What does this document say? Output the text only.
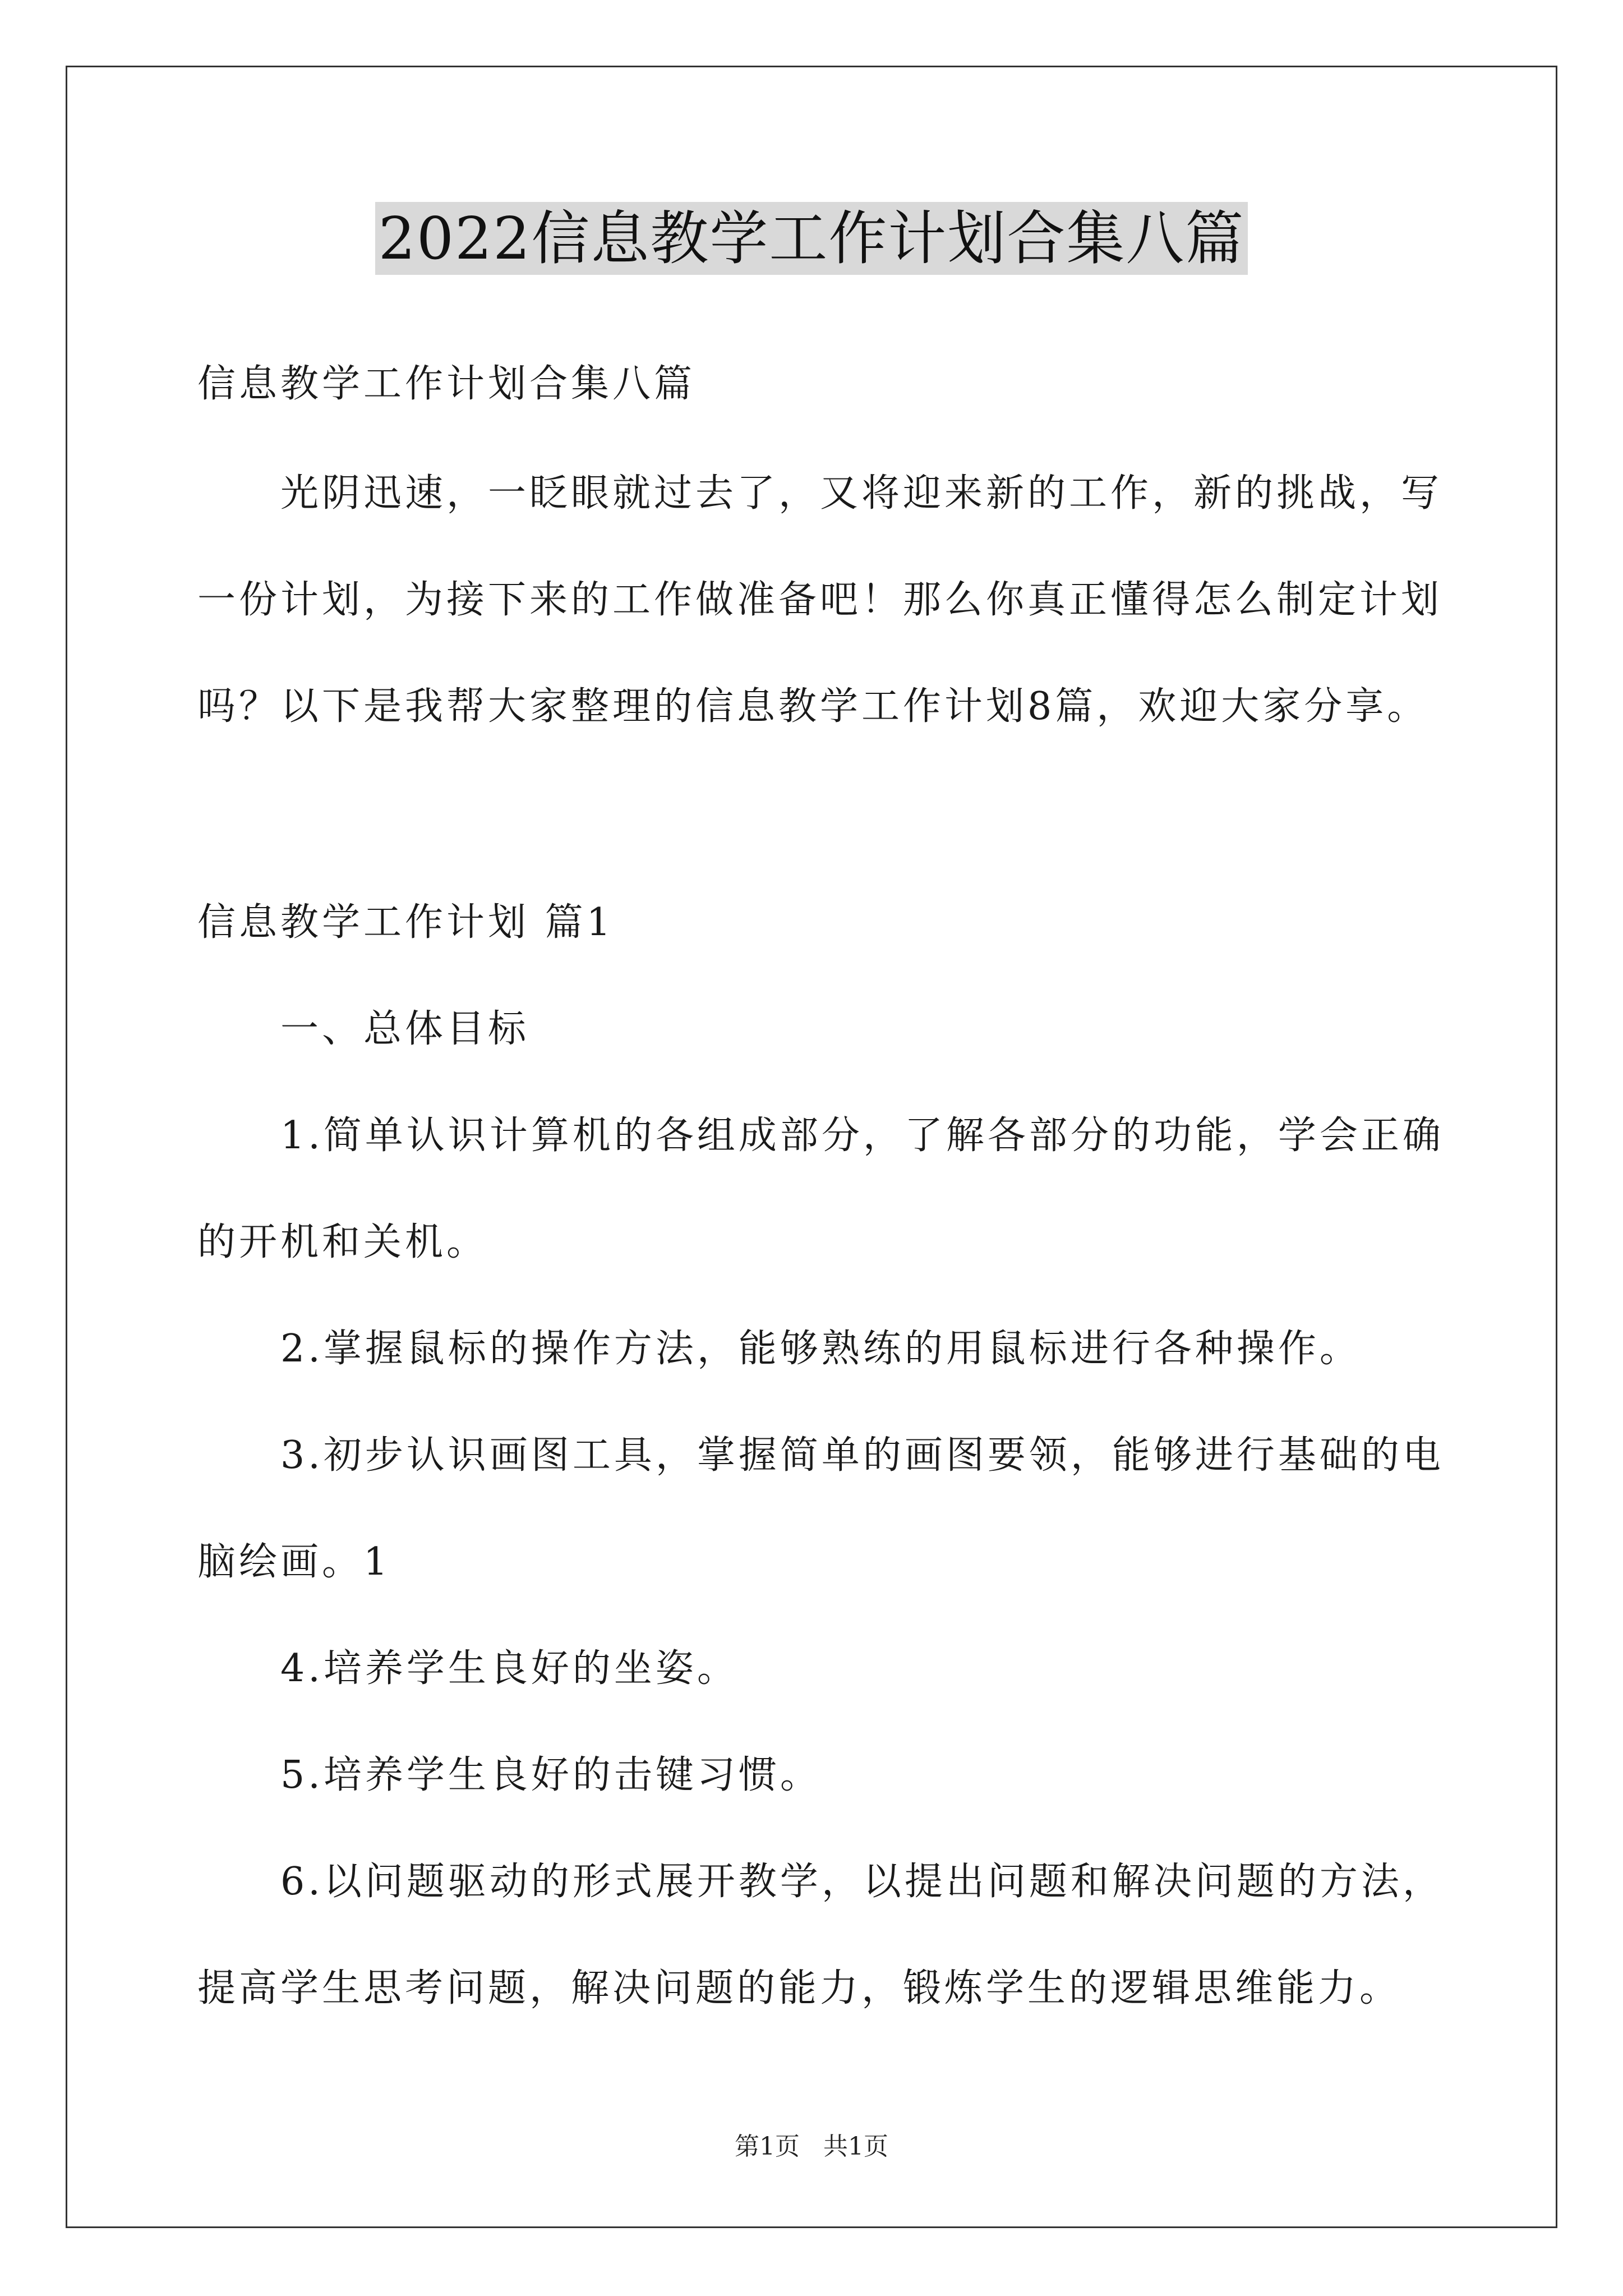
2022信息教学工作计划合集八篇

信息教学工作计划合集八篇

光阴迅速，一眨眼就过去了，又将迎来新的工作，新的挑战，写

一份计划，为接下来的工作做准备吧！那么你真正懂得怎么制定计划

吗？以下是我帮大家整理的信息教学工作计划8篇，欢迎大家分享。

信息教学工作计划 篇1

一、总体目标

1.简单认识计算机的各组成部分，了解各部分的功能，学会正确

的开机和关机。

2.掌握鼠标的操作方法，能够熟练的用鼠标进行各种操作。

3.初步认识画图工具，掌握简单的画图要领，能够进行基础的电

脑绘画。1

4.培养学生良好的坐姿。

5.培养学生良好的击键习惯。

6.以问题驱动的形式展开教学，以提出问题和解决问题的方法，

提高学生思考问题，解决问题的能力，锻炼学生的逻辑思维能力。

第1页   共1页
